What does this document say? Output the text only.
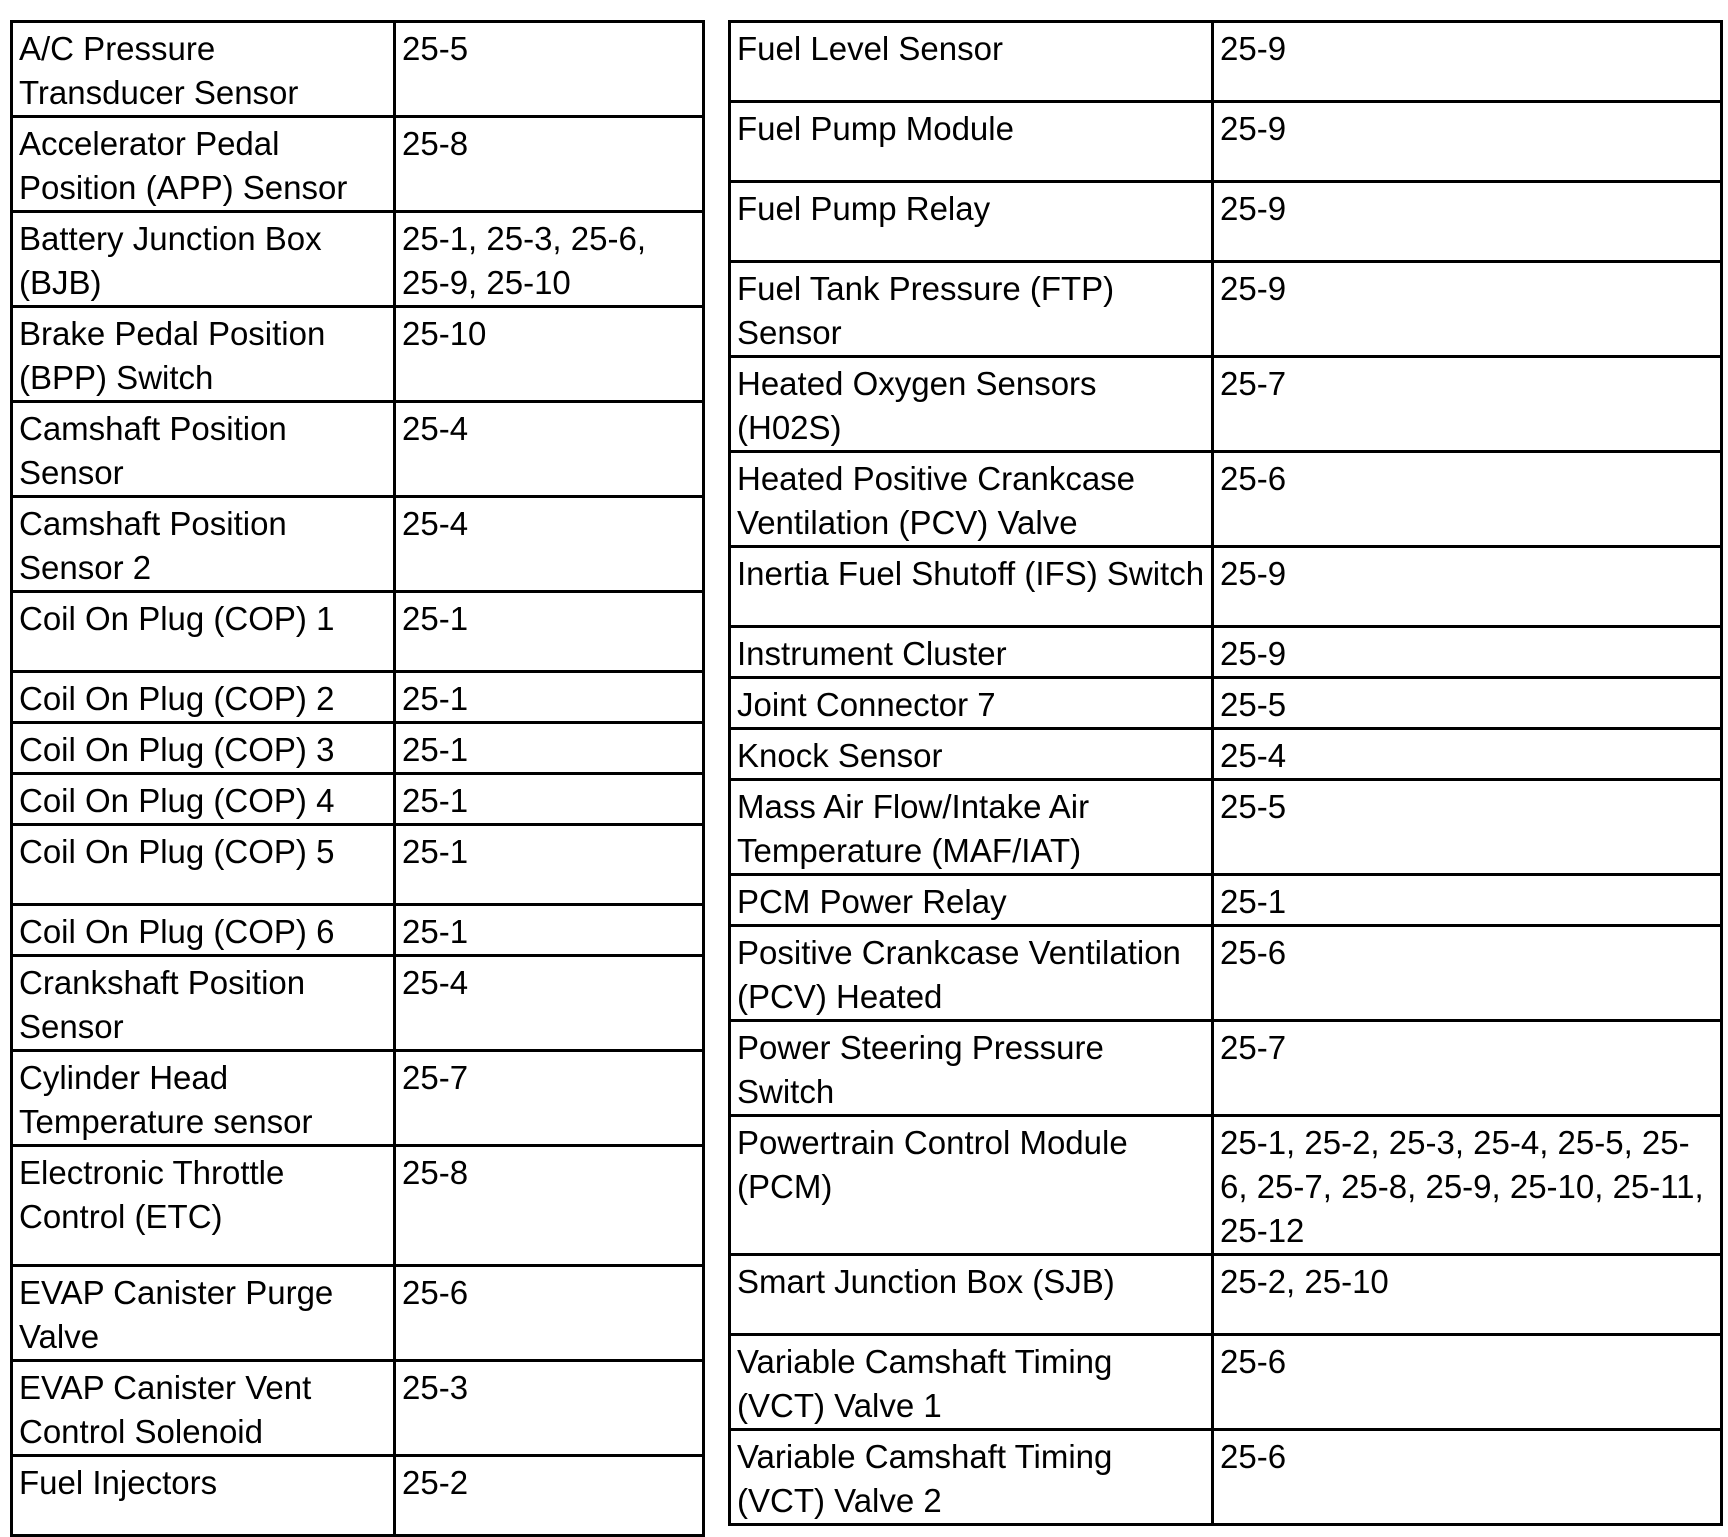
A/C Pressure Transducer Sensor	25-5
Accelerator Pedal Position (APP) Sensor	25-8
Battery Junction Box (BJB)	25-1, 25-3, 25-6, 25-9, 25-10
Brake Pedal Position (BPP) Switch	25-10
Camshaft Position Sensor	25-4
Camshaft Position Sensor 2	25-4
Coil On Plug (COP) 1	25-1
Coil On Plug (COP) 2	25-1
Coil On Plug (COP) 3	25-1
Coil On Plug (COP) 4	25-1
Coil On Plug (COP) 5	25-1
Coil On Plug (COP) 6	25-1
Crankshaft Position Sensor	25-4
Cylinder Head Temperature sensor	25-7
Electronic Throttle Control (ETC)	25-8
EVAP Canister Purge Valve	25-6
EVAP Canister Vent Control Solenoid	25-3
Fuel Injectors	25-2
Fuel Level Sensor	25-9
Fuel Pump Module	25-9
Fuel Pump Relay	25-9
Fuel Tank Pressure (FTP) Sensor	25-9
Heated Oxygen Sensors (H02S)	25-7
Heated Positive Crankcase Ventilation (PCV) Valve	25-6
Inertia Fuel Shutoff (IFS) Switch	25-9
Instrument Cluster	25-9
Joint Connector 7	25-5
Knock Sensor	25-4
Mass Air Flow/Intake Air Temperature (MAF/IAT)	25-5
PCM Power Relay	25-1
Positive Crankcase Ventilation (PCV) Heated	25-6
Power Steering Pressure Switch	25-7
Powertrain Control Module (PCM)	25-1, 25-2, 25-3, 25-4, 25-5, 25-6, 25-7, 25-8, 25-9, 25-10, 25-11, 25-12
Smart Junction Box (SJB)	25-2, 25-10
Variable Camshaft Timing (VCT) Valve 1	25-6
Variable Camshaft Timing (VCT) Valve 2	25-6
